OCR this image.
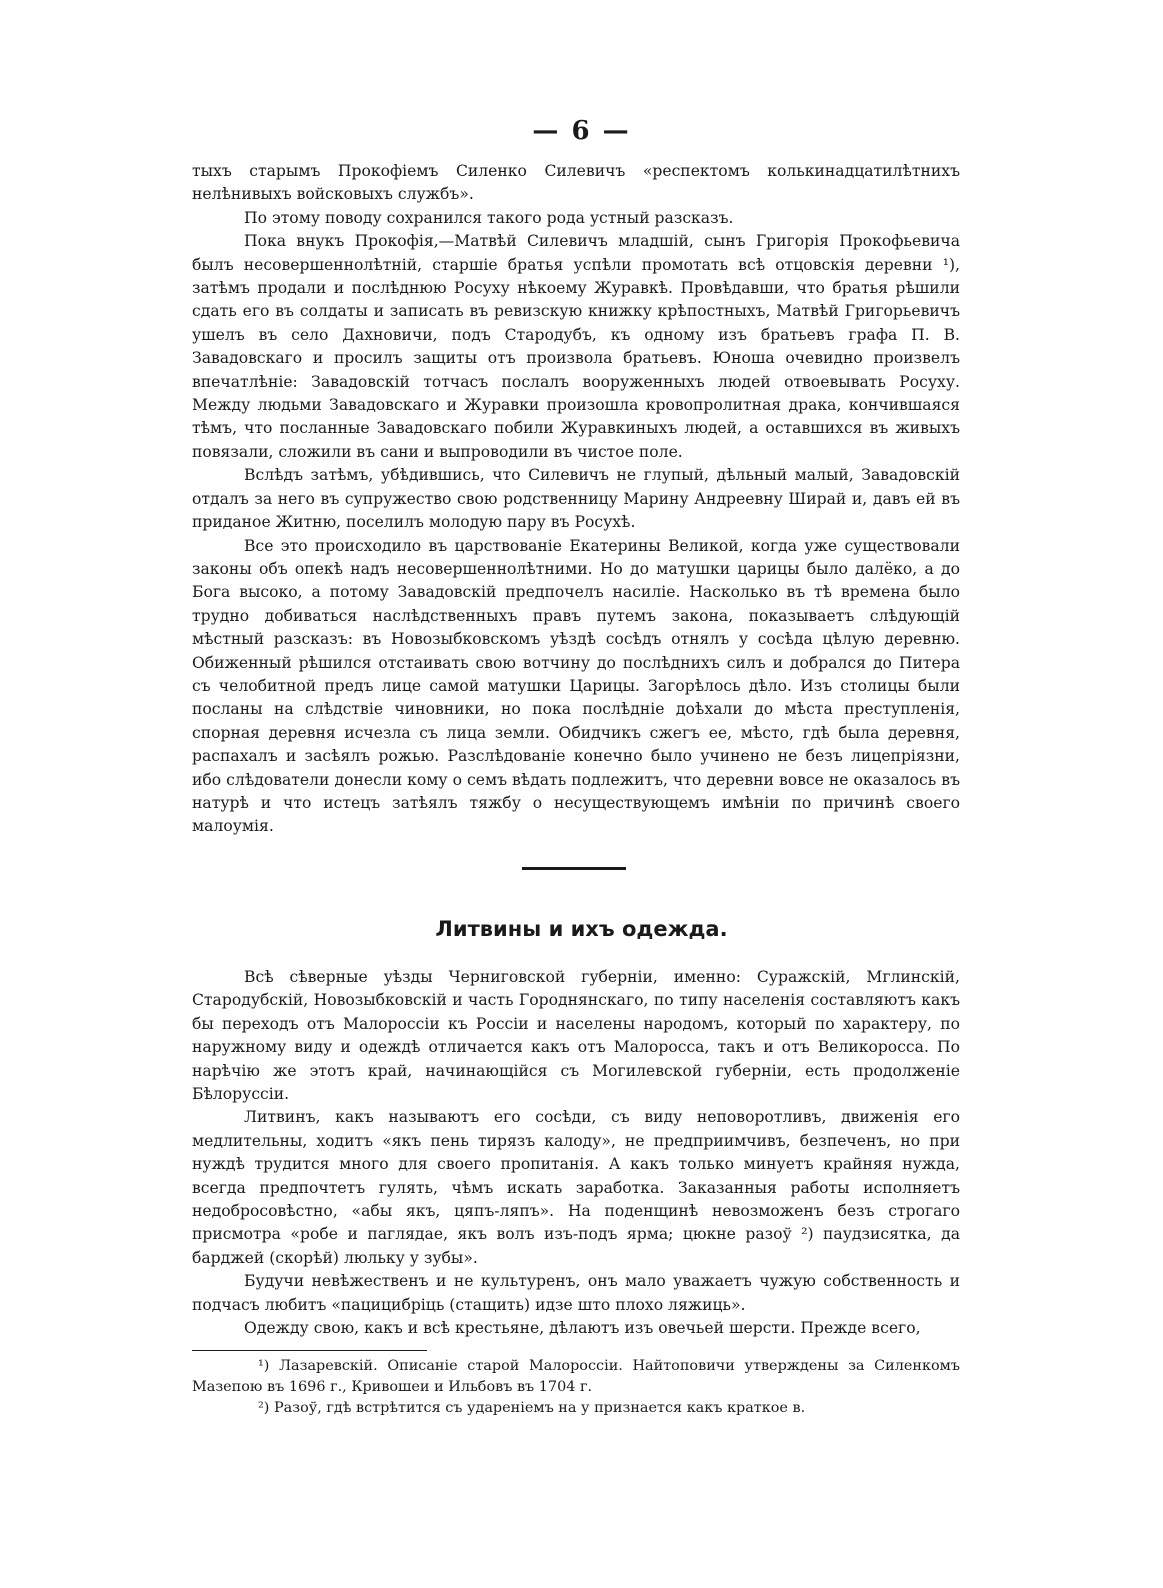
— 6 —

тыхъ старымъ Прокофiемъ Силенко Силевичъ «респектомъ колькинадцатилѣтнихъ нелѣнивыхъ войсковыхъ службъ».

По этому поводу сохранился такого рода устный разсказъ.

Пока внукъ Прокофiя,—Матвѣй Силевичъ младшiй, сынъ Григорiя Прокофьевича былъ несовершеннолѣтнiй, старшiе братья успѣли промотать всѣ отцовскiя деревни ¹), затѣмъ продали и послѣднюю Росуху нѣкоему Журавкѣ. Провѣдавши, что братья рѣшили сдать его въ солдаты и записать въ ревизскую книжку крѣпостныхъ, Матвѣй Григорьевичъ ушелъ въ село Дахновичи, подъ Стародубъ, къ одному изъ братьевъ графа П. В. Завадовскаго и просилъ защиты отъ произвола братьевъ. Юноша очевидно произвелъ впечатлѣнiе: Завадовскiй тотчасъ послалъ вооруженныхъ людей отвоевывать Росуху. Между людьми Завадовскаго и Журавки произошла кровопролитная драка, кончившаяся тѣмъ, что посланные Завадовскаго побили Журавкиныхъ людей, а оставшихся въ живыхъ повязали, сложили въ сани и выпроводили въ чистое поле.

Вслѣдъ затѣмъ, убѣдившись, что Силевичъ не глупый, дѣльный малый, Завадовскiй отдалъ за него въ супружество свою родственницу Марину Андреевну Ширай и, давъ ей въ приданое Житню, поселилъ молодую пару въ Росухѣ.

Все это происходило въ царствованiе Екатерины Великой, когда уже существовали законы объ опекѣ надъ несовершеннолѣтними. Но до матушки царицы было далёко, а до Бога высоко, а потому Завадовскiй предпочелъ насилiе. Насколько въ тѣ времена было трудно добиваться наслѣдственныхъ правъ путемъ закона, показываетъ слѣдующiй мѣстный разсказъ: въ Новозыбковскомъ уѣздѣ сосѣдъ отнялъ у сосѣда цѣлую деревню. Обиженный рѣшился отстаивать свою вотчину до послѣднихъ силъ и добрался до Питера съ челобитной предъ лице самой матушки Царицы. Загорѣлось дѣло. Изъ столицы были посланы на слѣдствiе чиновники, но пока послѣднiе доѣхали до мѣста преступленiя, спорная деревня исчезла съ лица земли. Обидчикъ сжегъ ее, мѣсто, гдѣ была деревня, распахалъ и засѣялъ рожью. Разслѣдованiе конечно было учинено не безъ лицепрiязни, ибо слѣдователи донесли кому о семъ вѣдать подлежитъ, что деревни вовсе не оказалось въ натурѣ и что истецъ затѣялъ тяжбу о несуществующемъ имѣнiи по причинѣ своего малоумiя.

Литвины и ихъ одежда.

Всѣ сѣверные уѣзды Черниговской губернiи, именно: Суражскiй, Мглинскiй, Стародубскiй, Новозыбковскiй и часть Городнянскаго, по типу населенiя составляютъ какъ бы переходъ отъ Малороссiи къ Россiи и населены народомъ, который по характеру, по наружному виду и одеждѣ отличается какъ отъ Малоросса, такъ и отъ Великоросса. По нарѣчiю же этотъ край, начинающiйся съ Могилевской губернiи, есть продолженiе Бѣлоруссiи.

Литвинъ, какъ называютъ его сосѣди, съ виду неповоротливъ, движенiя его медлительны, ходитъ «якъ пень тирязъ калоду», не предприимчивъ, безпеченъ, но при нуждѣ трудится много для своего пропитанiя. А какъ только минуетъ крайняя нужда, всегда предпочтетъ гулять, чѣмъ искать заработка. Заказанныя работы исполняетъ недобросовѣстно, «абы якъ, цяпъ-ляпъ». На поденщинѣ невозможенъ безъ строгаго присмотра «робе и паглядае, якъ волъ изъ-подъ ярма; цюкне разоў ²) паудзисятка, да барджей (скорѣй) люльку у зубы».

Будучи невѣжественъ и не культуренъ, онъ мало уважаетъ чужую собственность и подчасъ любитъ «пацицибрiць (стащить) идзе што плохо ляжиць».

Одежду свою, какъ и всѣ крестьяне, дѣлаютъ изъ овечьей шерсти. Прежде всего,

¹) Лазаревскiй. Описанiе старой Малороссiи. Найтоповичи утверждены за Силенкомъ Мазепою въ 1696 г., Кривошеи и Ильбовъ въ 1704 г.

²) Разоў, гдѣ встрѣтится съ ударенiемъ на у признается какъ краткое в.
